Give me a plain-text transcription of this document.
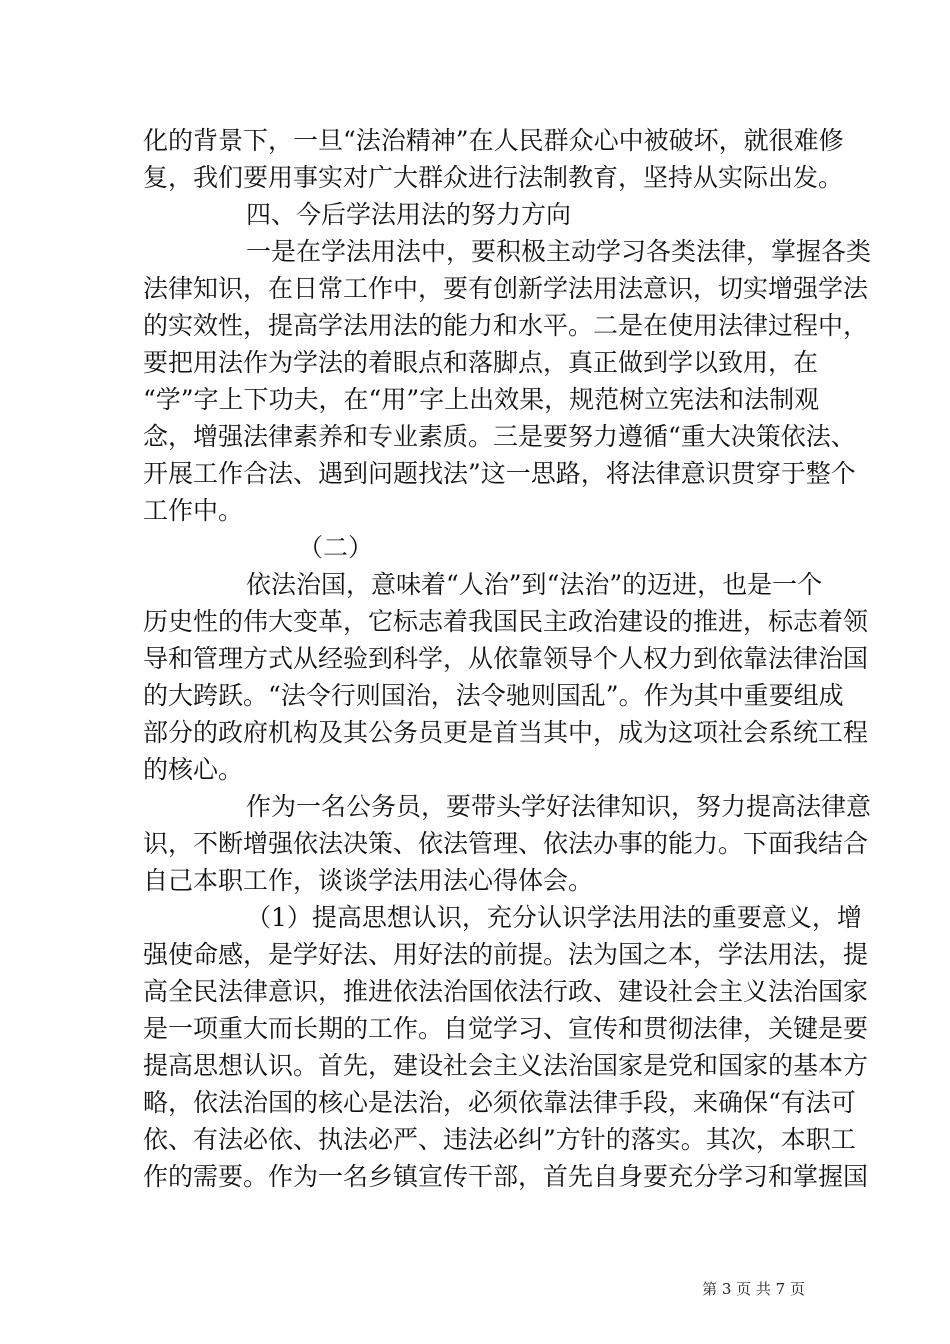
化的背景下，一旦“法治精神”在人民群众心中被破坏，就很难修
复，我们要用事实对广大群众进行法制教育，坚持从实际出发。
四、今后学法用法的努力方向
一是在学法用法中，要积极主动学习各类法律，掌握各类
法律知识，在日常工作中，要有创新学法用法意识，切实增强学法
的实效性，提高学法用法的能力和水平。二是在使用法律过程中，
要把用法作为学法的着眼点和落脚点，真正做到学以致用，在
“学”字上下功夫，在“用”字上出效果，规范树立宪法和法制观
念，增强法律素养和专业素质。三是要努力遵循“重大决策依法、
开展工作合法、遇到问题找法”这一思路，将法律意识贯穿于整个
工作中。
（二）
依法治国，意味着“人治”到“法治”的迈进，也是一个
历史性的伟大变革，它标志着我国民主政治建设的推进，标志着领
导和管理方式从经验到科学，从依靠领导个人权力到依靠法律治国
的大跨跃。“法令行则国治，法令驰则国乱”。作为其中重要组成
部分的政府机构及其公务员更是首当其中，成为这项社会系统工程
的核心。
作为一名公务员，要带头学好法律知识，努力提高法律意
识，不断增强依法决策、依法管理、依法办事的能力。下面我结合
自己本职工作，谈谈学法用法心得体会。
（1）提高思想认识，充分认识学法用法的重要意义，增
强使命感，是学好法、用好法的前提。法为国之本，学法用法，提
高全民法律意识，推进依法治国依法行政、建设社会主义法治国家
是一项重大而长期的工作。自觉学习、宣传和贯彻法律，关键是要
提高思想认识。首先，建设社会主义法治国家是党和国家的基本方
略，依法治国的核心是法治，必须依靠法律手段，来确保“有法可
依、有法必依、执法必严、违法必纠”方针的落实。其次，本职工
作的需要。作为一名乡镇宣传干部，首先自身要充分学习和掌握国
第 3 页 共 7 页
